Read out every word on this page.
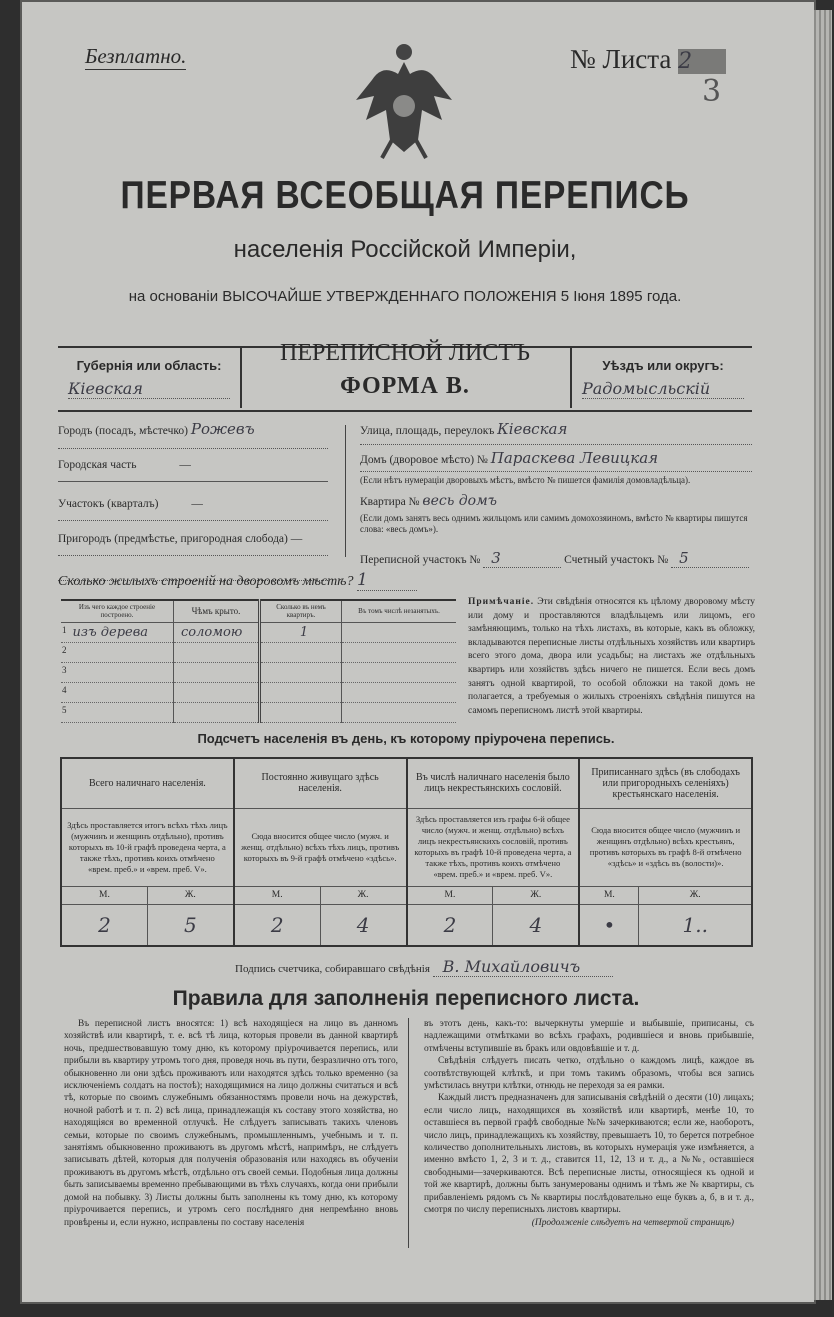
Безплатно.	№ Листа 2
3
ПЕРВАЯ ВСЕОБЩАЯ ПЕРЕПИСЬ
населенія Россійской Имперіи,
на основаніи ВЫСОЧАЙШЕ УТВЕРЖДЕННАГО ПОЛОЖЕНІЯ 5 Іюня 1895 года.
Губернія или область:
Кіевская
ПЕРЕПИСНОЙ ЛИСТЪ
ФОРМА В.
Уѣздъ или округъ:
Радомысльскій
Городъ (посадъ, мѣстечко) Рожевъ
Городская часть	—
Участокъ (кварталъ)	—
Пригородъ (предмѣстье, пригородная слобода) —
Улица, площадь, переулокъ Кіевская
Домъ (дворовое мѣсто) № Параскева Левицкая
(Если нѣтъ нумераціи дворовыхъ мѣстъ, вмѣсто № пишется фамилія домовладѣльца).
Квартира № весь домъ
(Если домъ занятъ весь однимъ жильцомъ или самимъ домохозяиномъ, вмѣсто № квартиры пишутся слова: «весь домъ»).
Переписной участокъ № 3	Счетный участокъ № 5
Сколько жилыхъ строеній на дворовомъ мѣстѣ? 1
Изъ чего каждое строеніе построено.	Чѣмъ крыто.	Сколько въ немъ квартиръ.	Въ томъ числѣ незанятыхъ.
1 изъ дерева	соломою	1	
2			
3			
4			
5			
Примѣчаніе. Эти свѣдѣнія относятся къ цѣлому дворовому мѣсту или дому и проставляются владѣльцемъ или лицомъ, его замѣняющимъ, только на тѣхъ листахъ, въ которые, какъ въ обложку, вкладываются переписные листы отдѣльныхъ хозяйствъ или квартиръ всего этого дома, двора или усадьбы; на листахъ же отдѣльныхъ квартиръ или хозяйствъ здѣсь ничего не пишется. Если весь домъ занятъ одной квартирой, то особой обложки на такой домъ не полагается, а требуемыя о жилыхъ строеніяхъ свѣдѣнія пишутся на самомъ переписномъ листѣ этой квартиры.
Подсчетъ населенія въ день, къ которому пріурочена перепись.
Всего наличнаго населенія.		Постоянно живущаго здѣсь населенія.		Въ числѣ наличнаго населенія было лицъ некрестьянскихъ сословій.		Приписаннаго здѣсь (въ слободахъ или пригородныхъ селеніяхъ) крестьянскаго населенія.	
Здѣсь проставляется итогъ всѣхъ тѣхъ лицъ (мужчинъ и женщинъ отдѣльно), противъ которыхъ въ 10-й графѣ проведена черта, а также тѣхъ, противъ коихъ отмѣчено «врем. преб.» и «врем. преб. V».		Сюда вносится общее число (мужч. и женщ. отдѣльно) всѣхъ тѣхъ лицъ, противъ которыхъ въ 9-й графѣ отмѣчено «здѣсь».		Здѣсь проставляется изъ графы 6-й общее число (мужч. и женщ. отдѣльно) всѣхъ лицъ некрестьянскихъ сословій, противъ которыхъ въ графѣ 10-й проведена черта, а также тѣхъ, противъ коихъ отмѣчено «врем. преб.» и «врем. преб. V».		Сюда вносится общее число (мужчинъ и женщинъ отдѣльно) всѣхъ крестьянъ, противъ которыхъ въ графѣ 8-й отмѣчено «здѣсь» и «здѣсь въ (волости)».	
М.	Ж.	М.	Ж.	М.	Ж.	М.	Ж.
2	5	2	4	2	4	•	1..
Подпись счетчика, собиравшаго свѣдѣнія В. Михайловичъ
Правила для заполненія переписного листа.

Въ переписной листъ вносятся: 1) всѣ находящіеся на лицо въ данномъ хозяйствѣ или квартирѣ, т. е. всѣ тѣ лица, которыя провели въ данной квартирѣ ночь, предшествовавшую тому дню, къ которому пріурочивается перепись, или прибыли въ квартиру утромъ того дня, проведя ночь въ пути, безразлично отъ того, обыкновенно ли они здѣсь проживаютъ или находятся здѣсь только временно (за исключеніемъ солдатъ на постоѣ); находящимися на лицо должны считаться и всѣ тѣ, которые по своимъ служебнымъ обязанностямъ провели ночь на дежурствѣ, ночной работѣ и т. п. 2) всѣ лица, принадлежащія къ составу этого хозяйства, но находящіяся во временной отлучкѣ. Не слѣдуетъ записывать такихъ членовъ семьи, которые по своимъ служебнымъ, промышленнымъ, учебнымъ и т. п. занятіямъ обыкновенно проживаютъ въ другомъ мѣстѣ, напримѣръ, не слѣдуетъ записывать дѣтей, которыя для полученія образованія или находясь въ обученіи проживаютъ въ другомъ мѣстѣ, отдѣльно отъ своей семьи. Подобныя лица должны быть записываемы временно пребывающими въ тѣхъ случаяхъ, когда они прибыли домой на побывку. 3) Листы должны быть заполнены къ тому дню, къ которому пріурочивается перепись, и утромъ сего послѣдняго дня непремѣнно вновь провѣрены и, если нужно, исправлены по составу населенія

въ этотъ день, какъ-то: вычеркнуты умершіе и выбывшіе, приписаны, съ надлежащими отмѣтками во всѣхъ графахъ, родившіеся и вновь прибывшіе, отмѣчены вступившіе въ бракъ или овдовѣвшіе и т. д.

Свѣдѣнія слѣдуетъ писать четко, отдѣльно о каждомъ лицѣ, каждое въ соотвѣтствующей клѣткѣ, и при томъ такимъ образомъ, чтобы вся запись умѣстилась внутри клѣтки, отнюдь не переходя за ея рамки.

Каждый листъ предназначенъ для записыванія свѣдѣній о десяти (10) лицахъ; если число лицъ, находящихся въ хозяйствѣ или квартирѣ, менѣе 10, то оставшіеся въ первой графѣ свободные №№ зачеркиваются; если же, наоборотъ, число лицъ, принадлежащихъ къ хозяйству, превышаетъ 10, то берется потребное количество дополнительныхъ листовъ, въ которыхъ нумерація уже измѣняется, а именно вмѣсто 1, 2, 3 и т. д., ставится 11, 12, 13 и т. д., а №№, оставшіеся свободными—зачеркиваются. Всѣ переписные листы, относящіеся къ одной и той же квартирѣ, должны быть занумерованы однимъ и тѣмъ же № квартиры, съ прибавленіемъ рядомъ съ № квартиры послѣдовательно еще буквъ а, б, в и т. д., смотря по числу переписныхъ листовъ квартиры.

(Продолженіе слѣдуетъ на четвертой страницѣ)
